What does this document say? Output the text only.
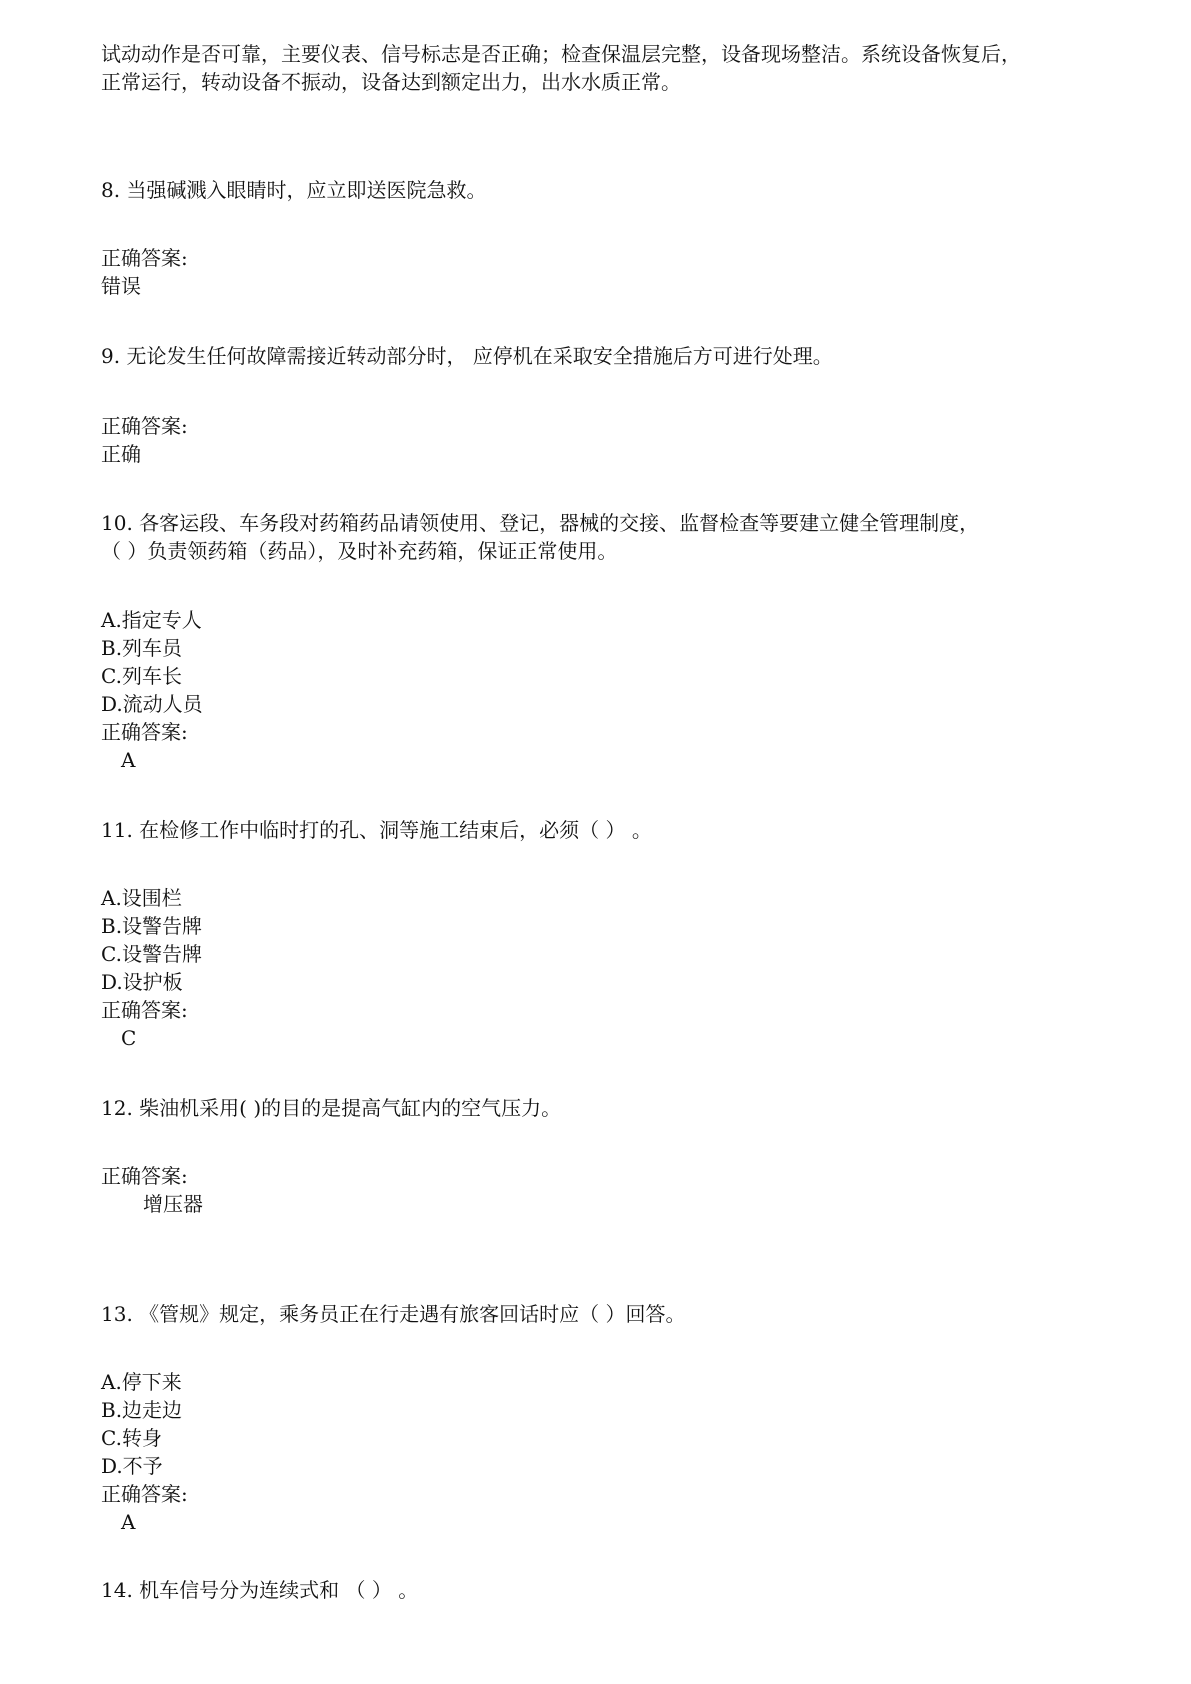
试动动作是否可靠，主要仪表、信号标志是否正确；检查保温层完整，设备现场整洁。系统设备恢复后，
正常运行，转动设备不振动，设备达到额定出力，出水水质正常。
8. 当强碱溅入眼睛时，应立即送医院急救。
正确答案:
错误
9. 无论发生任何故障需接近转动部分时， 应停机在采取安全措施后方可进行处理。
正确答案:
正确
10. 各客运段、车务段对药箱药品请领使用、登记，器械的交接、监督检查等要建立健全管理制度，
（ ）负责领药箱（药品），及时补充药箱，保证正常使用。
A.指定专人
B.列车员
C.列车长
D.流动人员
正确答案:
A
11. 在检修工作中临时打的孔、洞等施工结束后，必须（ ） 。
A.设围栏
B.设警告牌
C.设警告牌
D.设护板
正确答案:
C
12. 柴油机采用( )的目的是提高气缸内的空气压力。
正确答案:
增压器
13. 《管规》规定，乘务员正在行走遇有旅客回话时应（ ）回答。
A.停下来
B.边走边
C.转身
D.不予
正确答案:
A
14. 机车信号分为连续式和 （ ） 。
